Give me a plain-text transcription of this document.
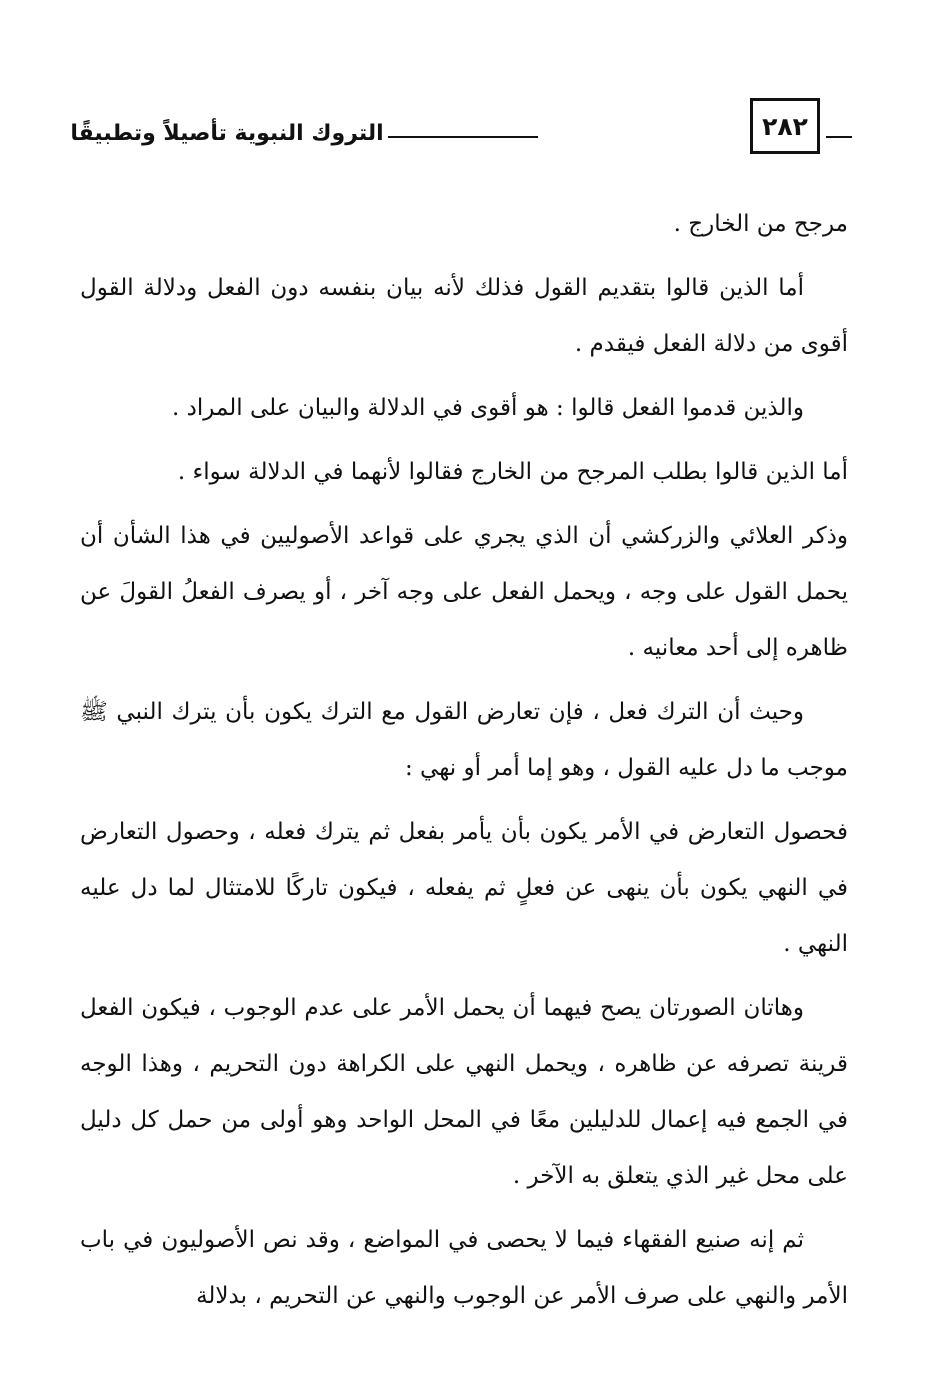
٢٨٢
التروك النبوية تأصيلاً وتطبيقًا

مرجح من الخارج .

أما الذين قالوا بتقديم القول فذلك لأنه بيان بنفسه دون الفعل ودلالة القول أقوى من دلالة الفعل فيقدم .

والذين قدموا الفعل قالوا : هو أقوى في الدلالة والبيان على المراد .

أما الذين قالوا بطلب المرجح من الخارج فقالوا لأنهما في الدلالة سواء .

وذكر العلائي والزركشي أن الذي يجري على قواعد الأصوليين في هذا الشأن أن يحمل القول على وجه ، ويحمل الفعل على وجه آخر ، أو يصرف الفعلُ القولَ عن ظاهره إلى أحد معانيه .

وحيث أن الترك فعل ، فإن تعارض القول مع الترك يكون بأن يترك النبي ﷺ موجب ما دل عليه القول ، وهو إما أمر أو نهي :

فحصول التعارض في الأمر يكون بأن يأمر بفعل ثم يترك فعله ، وحصول التعارض في النهي يكون بأن ينهى عن فعلٍ ثم يفعله ، فيكون تاركًا للامتثال لما دل عليه النهي .

وهاتان الصورتان يصح فيهما أن يحمل الأمر على عدم الوجوب ، فيكون الفعل قرينة تصرفه عن ظاهره ، ويحمل النهي على الكراهة دون التحريم ، وهذا الوجه في الجمع فيه إعمال للدليلين معًا في المحل الواحد وهو أولى من حمل كل دليل على محل غير الذي يتعلق به الآخر .

ثم إنه صنيع الفقهاء فيما لا يحصى في المواضع ، وقد نص الأصوليون في باب الأمر والنهي على صرف الأمر عن الوجوب والنهي عن التحريم ، بدلالة
